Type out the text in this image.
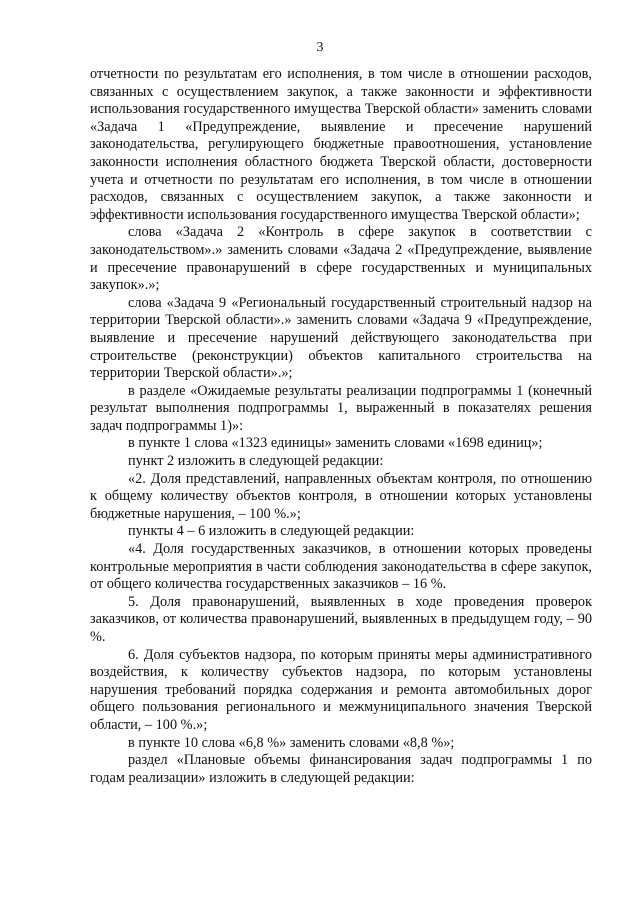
3

отчетности по результатам его исполнения, в том числе в отношении расходов, связанных с осуществлением закупок, а также законности и эффективности использования государственного имущества Тверской области» заменить словами «Задача 1 «Предупреждение, выявление и пресечение нарушений законодательства, регулирующего бюджетные правоотношения, установление законности исполнения областного бюджета Тверской области, достоверности учета и отчетности по результатам его исполнения, в том числе в отношении расходов, связанных с осуществлением закупок, а также законности и эффективности использования государственного имущества Тверской области»;

слова «Задача 2 «Контроль в сфере закупок в соответствии с законодательством».» заменить словами «Задача 2 «Предупреждение, выявление и пресечение правонарушений в сфере государственных и муниципальных закупок».»;

слова «Задача 9 «Региональный государственный строительный надзор на территории Тверской области».» заменить словами «Задача 9 «Предупреждение, выявление и пресечение нарушений действующего законодательства при строительстве (реконструкции) объектов капитального строительства на территории Тверской области».»;

в разделе «Ожидаемые результаты реализации подпрограммы 1 (конечный результат выполнения подпрограммы 1, выраженный в показателях решения задач подпрограммы 1)»:

в пункте 1 слова «1323 единицы» заменить словами «1698 единиц»;

пункт 2 изложить в следующей редакции:

«2. Доля представлений, направленных объектам контроля, по отношению к общему количеству объектов контроля, в отношении которых установлены бюджетные нарушения, – 100 %.»;

пункты 4 – 6 изложить в следующей редакции:

«4. Доля государственных заказчиков, в отношении которых проведены контрольные мероприятия в части соблюдения законодательства в сфере закупок, от общего количества государственных заказчиков – 16 %.

5. Доля правонарушений, выявленных в ходе проведения проверок заказчиков, от количества правонарушений, выявленных в предыдущем году, – 90 %.

6. Доля субъектов надзора, по которым приняты меры административного воздействия, к количеству субъектов надзора, по которым установлены нарушения требований порядка содержания и ремонта автомобильных дорог общего пользования регионального и межмуниципального значения Тверской области, – 100 %.»;

в пункте 10 слова «6,8 %» заменить словами «8,8 %»;

раздел «Плановые объемы финансирования задач подпрограммы 1 по годам реализации» изложить в следующей редакции:
